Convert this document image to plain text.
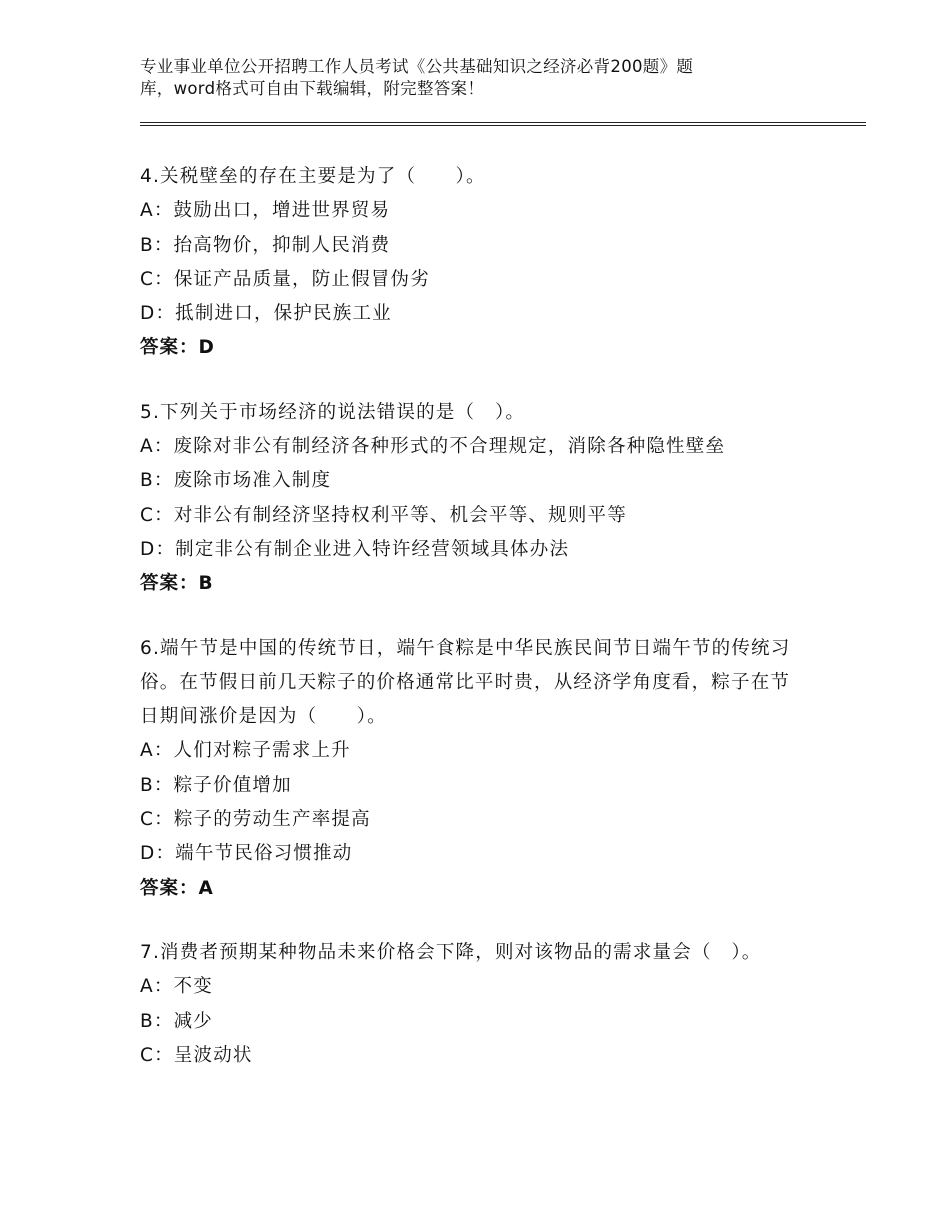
专业事业单位公开招聘工作人员考试《公共基础知识之经济必背200题》题
库，word格式可自由下载编辑，附完整答案！
4.关税壁垒的存在主要是为了（　　）。
A：鼓励出口，增进世界贸易
B：抬高物价，抑制人民消费
C：保证产品质量，防止假冒伪劣
D：抵制进口，保护民族工业
答案：D
5.下列关于市场经济的说法错误的是（　）。
A：废除对非公有制经济各种形式的不合理规定，消除各种隐性壁垒
B：废除市场准入制度
C：对非公有制经济坚持权利平等、机会平等、规则平等
D：制定非公有制企业进入特许经营领域具体办法
答案：B
6.端午节是中国的传统节日，端午食粽是中华民族民间节日端午节的传统习俗。在节假日前几天粽子的价格通常比平时贵，从经济学角度看，粽子在节日期间涨价是因为（　　）。
A：人们对粽子需求上升
B：粽子价值增加
C：粽子的劳动生产率提高
D：端午节民俗习惯推动
答案：A
7.消费者预期某种物品未来价格会下降，则对该物品的需求量会（　）。
A：不变
B：减少
C：呈波动状
